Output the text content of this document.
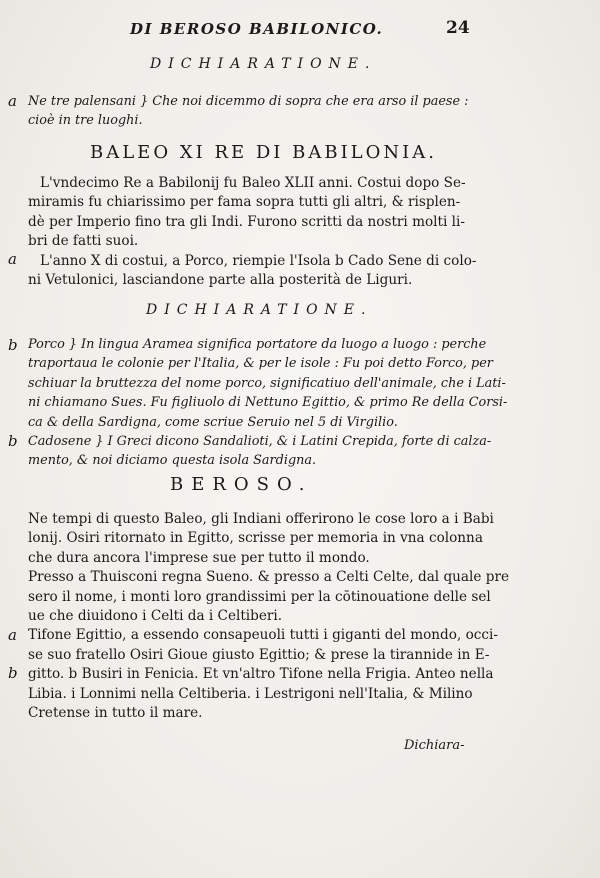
DI BEROSO BABILONICO.	24
DICHIARATIONE.
a Ne tre palensani } Che noi dicemmo di sopra che era arso il paese :
cioè in tre luoghi.
BALEO XI RE DI BABILONIA.
L'vndecimo Re a Babilonij fu Baleo XLII anni. Costui dopo Se-
miramis fu chiarissimo per fama sopra tutti gli altri, & risplen-
dè per Imperio fino tra gli Indi. Furono scritti da nostri molti li-
bri de fatti suoi.
L'anno X di costui, a Porco, riempie l'Isola b Cado Sene di colo-
ni Vetulonici, lasciandone parte alla posterità de Liguri.
a
DICHIARATIONE.
b Porco } In lingua Aramea significa portatore da luogo a luogo : perche
traportaua le colonie per l'Italia, & per le isole : Fu poi detto Forco, per
schiuar la bruttezza del nome porco, significatiuo dell'animale, che i Lati-
ni chiamano Sues. Fu figliuolo di Nettuno Egittio, & primo Re della Corsi-
ca & della Sardigna, come scriue Seruio nel 5 di Virgilio.
Cadosene } I Greci dicono Sandalioti, & i Latini Crepida, forte di calza-
mento, & noi diciamo questa isola Sardigna.
b
BEROSO.
Ne tempi di questo Baleo, gli Indiani offerirono le cose loro a i Babi
lonij. Osiri ritornato in Egitto, scrisse per memoria in vna colonna
che dura ancora l'imprese sue per tutto il mondo.
Presso a Thuisconi regna Sueno. & presso a Celti Celte, dal quale pre
sero il nome, i monti loro grandissimi per la cōtinouatione delle sel
ue che diuidono i Celti da i Celtiberi.
Tifone Egittio, a essendo consapeuoli tutti i giganti del mondo, occi-
se suo fratello Osiri Gioue giusto Egittio; & prese la tirannide in E-
gitto. b Busiri in Fenicia. Et vn'altro Tifone nella Frigia. Anteo nella
Libia. i Lonnimi nella Celtiberia. i Lestrigoni nell'Italia, & Milino
Cretense in tutto il mare.
a
b
Dichiara-
